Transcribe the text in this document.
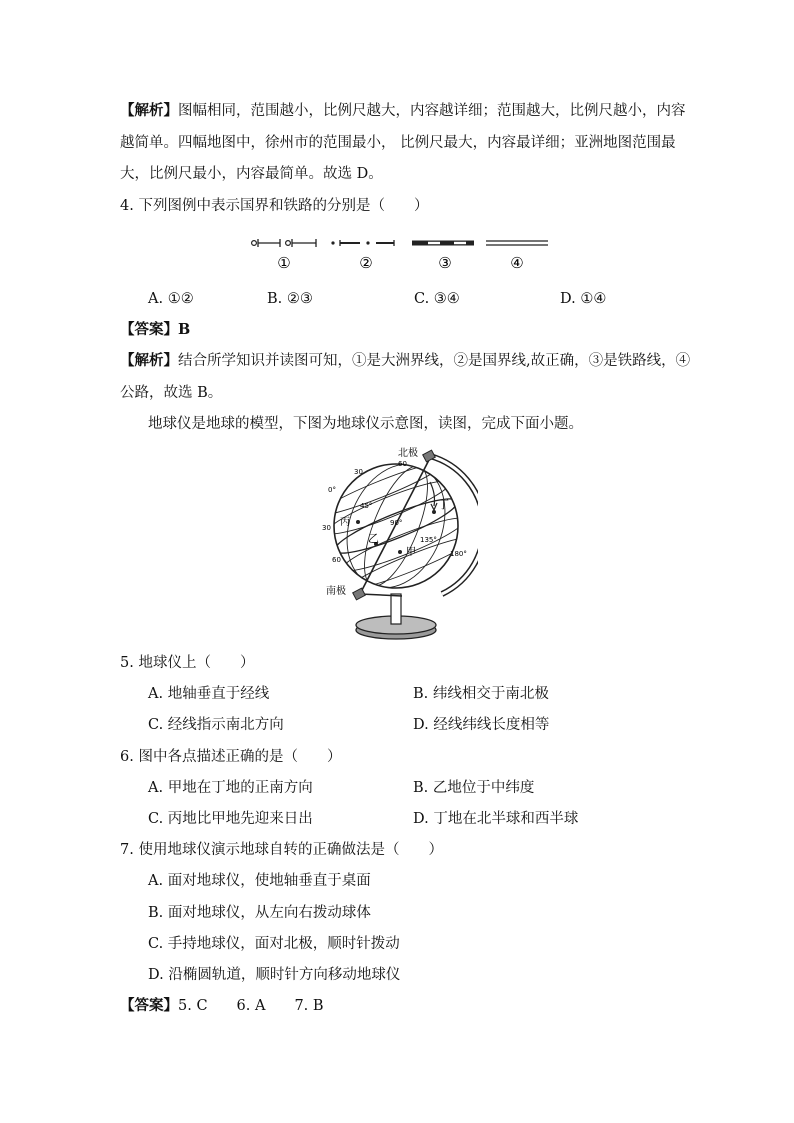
【解析】图幅相同，范围越小，比例尺越大，内容越详细；范围越大，比例尺越小，内容
越简单。四幅地图中，徐州市的范围最小， 比例尺最大，内容最详细；亚洲地图范围最
大，比例尺最小，内容最简单。故选 D。
4. 下列图例中表示国界和铁路的分别是（　　）
①	②	③	④
A. ①②	B. ②③	C. ③④	D. ①④
【答案】B
【解析】结合所学知识并读图可知，①是大洲界线，②是国界线,故正确，③是铁路线，④
公路，故选 B。
地球仪是地球的模型，下图为地球仪示意图，读图，完成下面小题。
北极
南极
甲
乙
丙
丁
60
30
0°
30
60
45°
90°
135°
180°
5. 地球仪上（　　）
A. 地轴垂直于经线	B. 纬线相交于南北极
C. 经线指示南北方向	D. 经线纬线长度相等
6. 图中各点描述正确的是（　　）
A. 甲地在丁地的正南方向	B. 乙地位于中纬度
C. 丙地比甲地先迎来日出	D. 丁地在北半球和西半球
7. 使用地球仪演示地球自转的正确做法是（　　）
A. 面对地球仪，使地轴垂直于桌面
B. 面对地球仪，从左向右拨动球体
C. 手持地球仪，面对北极，顺时针拨动
D. 沿椭圆轨道，顺时针方向移动地球仪
【答案】5. C　　6. A　　7. B
